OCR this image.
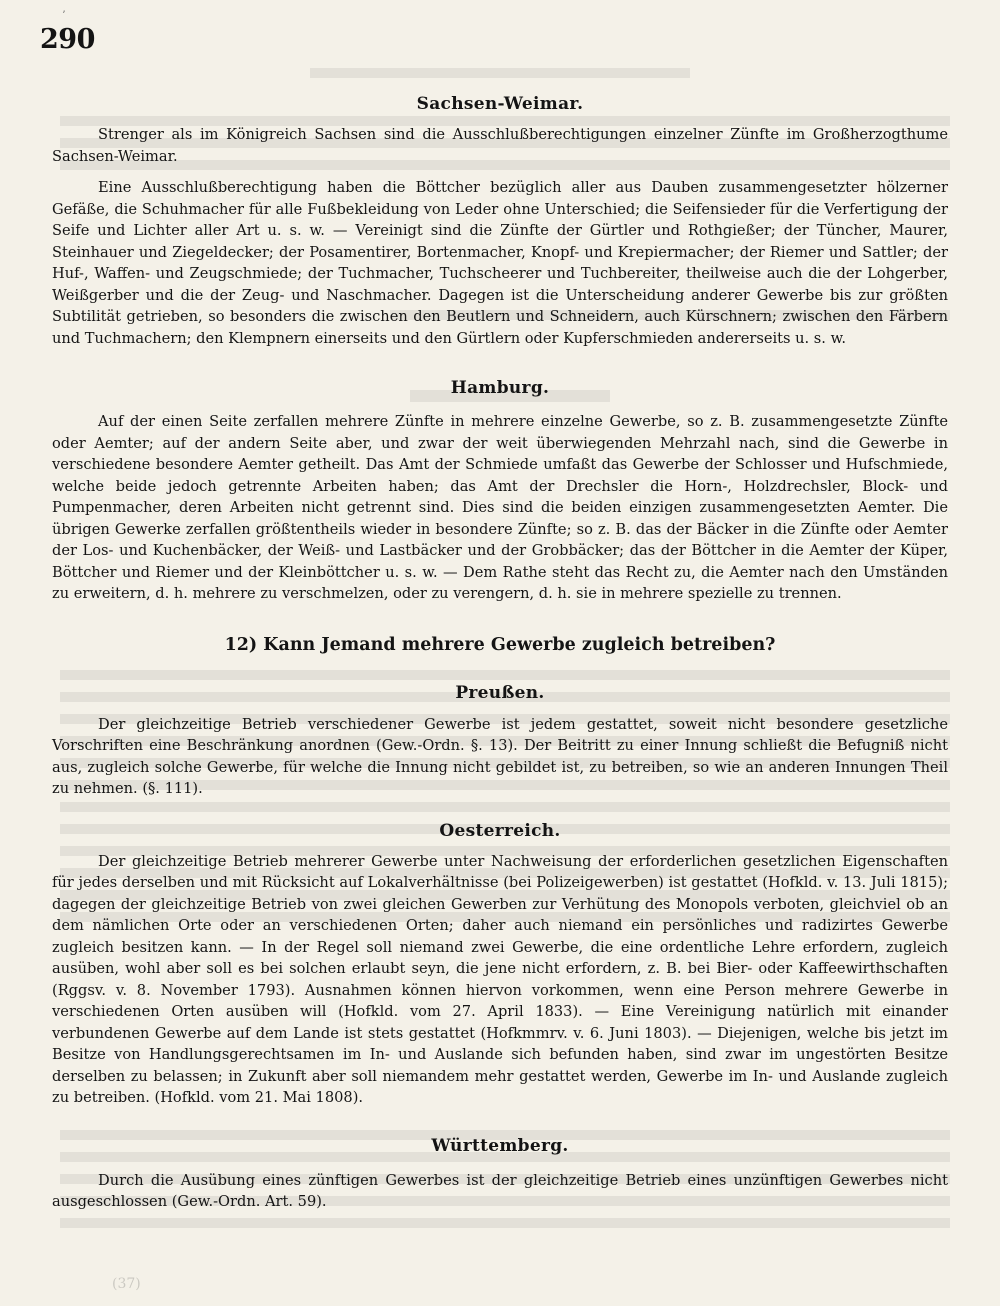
ʼ
290
Sachsen-Weimar.

Strenger als im Königreich Sachsen sind die Ausschlußberechtigungen einzelner Zünfte im Großherzogthume Sachsen-Weimar.

Eine Ausschlußberechtigung haben die Böttcher bezüglich aller aus Dauben zusammengesetzter hölzerner Gefäße, die Schuhmacher für alle Fußbekleidung von Leder ohne Unterschied; die Seifensieder für die Verfertigung der Seife und Lichter aller Art u. s. w. — Vereinigt sind die Zünfte der Gürtler und Rothgießer; der Tüncher, Maurer, Steinhauer und Ziegeldecker; der Posamentirer, Bortenmacher, Knopf- und Krepiermacher; der Riemer und Sattler; der Huf-, Waffen- und Zeugschmiede; der Tuchmacher, Tuchscheerer und Tuchbereiter, theilweise auch die der Lohgerber, Weißgerber und die der Zeug- und Naschmacher. Dagegen ist die Unterscheidung anderer Gewerbe bis zur größten Subtilität getrieben, so besonders die zwischen den Beutlern und Schneidern, auch Kürschnern; zwischen den Färbern und Tuchmachern; den Klempnern einerseits und den Gürtlern oder Kupferschmieden andererseits u. s. w.

Hamburg.

Auf der einen Seite zerfallen mehrere Zünfte in mehrere einzelne Gewerbe, so z. B. zusammengesetzte Zünfte oder Aemter; auf der andern Seite aber, und zwar der weit überwiegenden Mehrzahl nach, sind die Gewerbe in verschiedene besondere Aemter getheilt. Das Amt der Schmiede umfaßt das Gewerbe der Schlosser und Hufschmiede, welche beide jedoch getrennte Arbeiten haben; das Amt der Drechsler die Horn-, Holzdrechsler, Block- und Pumpenmacher, deren Arbeiten nicht getrennt sind. Dies sind die beiden einzigen zusammengesetzten Aemter. Die übrigen Gewerke zerfallen größtentheils wieder in besondere Zünfte; so z. B. das der Bäcker in die Zünfte oder Aemter der Los- und Kuchenbäcker, der Weiß- und Lastbäcker und der Grobbäcker; das der Böttcher in die Aemter der Küper, Böttcher und Riemer und der Kleinböttcher u. s. w. — Dem Rathe steht das Recht zu, die Aemter nach den Umständen zu erweitern, d. h. mehrere zu verschmelzen, oder zu verengern, d. h. sie in mehrere spezielle zu trennen.

12) Kann Jemand mehrere Gewerbe zugleich betreiben?
Preußen.

Der gleichzeitige Betrieb verschiedener Gewerbe ist jedem gestattet, soweit nicht besondere gesetzliche Vorschriften eine Beschränkung anordnen (Gew.-Ordn. §. 13). Der Beitritt zu einer Innung schließt die Befugniß nicht aus, zugleich solche Gewerbe, für welche die Innung nicht gebildet ist, zu betreiben, so wie an anderen Innungen Theil zu nehmen. (§. 111).

Oesterreich.

Der gleichzeitige Betrieb mehrerer Gewerbe unter Nachweisung der erforderlichen gesetzlichen Eigenschaften für jedes derselben und mit Rücksicht auf Lokalverhältnisse (bei Polizeigewerben) ist gestattet (Hofkld. v. 13. Juli 1815); dagegen der gleichzeitige Betrieb von zwei gleichen Gewerben zur Verhütung des Monopols verboten, gleichviel ob an dem nämlichen Orte oder an verschiedenen Orten; daher auch niemand ein persönliches und radizirtes Gewerbe zugleich besitzen kann. — In der Regel soll niemand zwei Gewerbe, die eine ordentliche Lehre erfordern, zugleich ausüben, wohl aber soll es bei solchen erlaubt seyn, die jene nicht erfordern, z. B. bei Bier- oder Kaffeewirthschaften (Rggsv. v. 8. November 1793). Ausnahmen können hiervon vorkommen, wenn eine Person mehrere Gewerbe in verschiedenen Orten ausüben will (Hofkld. vom 27. April 1833). — Eine Vereinigung natürlich mit einander verbundenen Gewerbe auf dem Lande ist stets gestattet (Hofkmmrv. v. 6. Juni 1803). — Diejenigen, welche bis jetzt im Besitze von Handlungsgerechtsamen im In- und Auslande sich befunden haben, sind zwar im ungestörten Besitze derselben zu belassen; in Zukunft aber soll niemandem mehr gestattet werden, Gewerbe im In- und Auslande zugleich zu betreiben. (Hofkld. vom 21. Mai 1808).

Württemberg.

Durch die Ausübung eines zünftigen Gewerbes ist der gleichzeitige Betrieb eines unzünftigen Gewerbes nicht ausgeschlossen (Gew.-Ordn. Art. 59).

(37)
